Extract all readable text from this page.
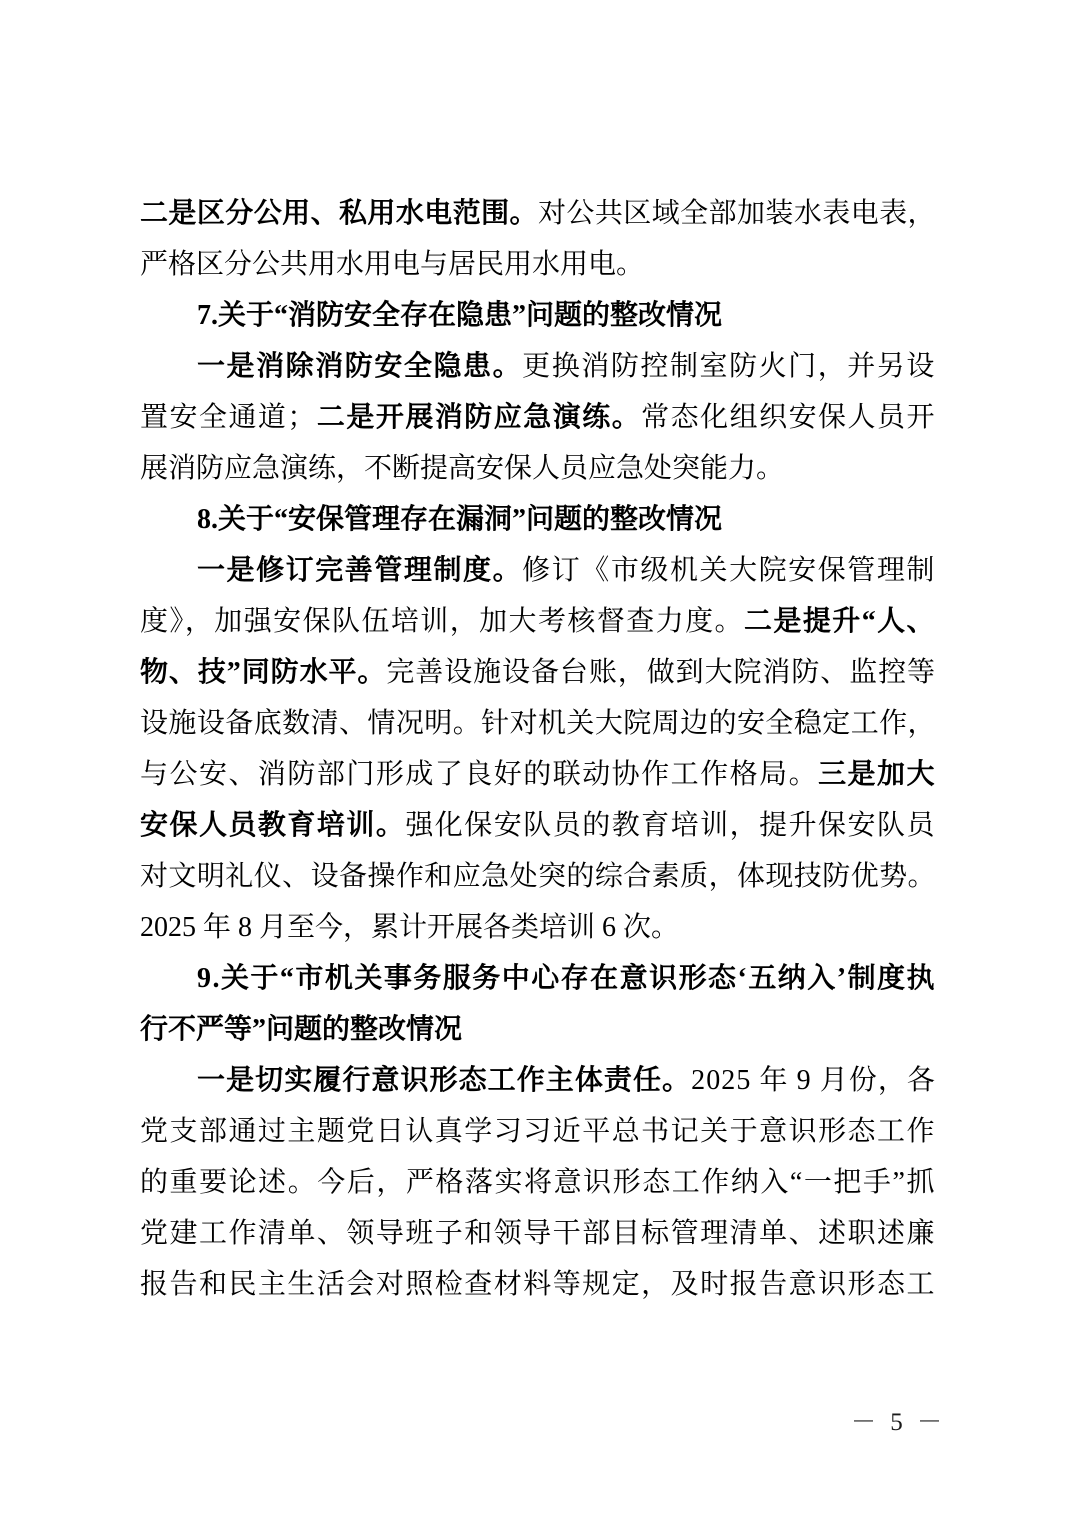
二是区分公用、私用水电范围。对公共区域全部加装水表电表，
严格区分公共用水用电与居民用水用电。
7.关于“消防安全存在隐患”问题的整改情况
一是消除消防安全隐患。更换消防控制室防火门，并另设
置安全通道；二是开展消防应急演练。常态化组织安保人员开
展消防应急演练，不断提高安保人员应急处突能力。
8.关于“安保管理存在漏洞”问题的整改情况
一是修订完善管理制度。修订《市级机关大院安保管理制
度》，加强安保队伍培训，加大考核督查力度。二是提升“人、
物、技”同防水平。完善设施设备台账，做到大院消防、监控等
设施设备底数清、情况明。针对机关大院周边的安全稳定工作，
与公安、消防部门形成了良好的联动协作工作格局。三是加大
安保人员教育培训。强化保安队员的教育培训，提升保安队员
对文明礼仪、设备操作和应急处突的综合素质，体现技防优势。
2025 年 8 月至今，累计开展各类培训 6 次。
9.关于“市机关事务服务中心存在意识形态‘五纳入’制度执
行不严等”问题的整改情况
一是切实履行意识形态工作主体责任。2025 年 9 月份，各
党支部通过主题党日认真学习习近平总书记关于意识形态工作
的重要论述。今后，严格落实将意识形态工作纳入“一把手”抓
党建工作清单、领导班子和领导干部目标管理清单、述职述廉
报告和民主生活会对照检查材料等规定，及时报告意识形态工
－ 5 －
